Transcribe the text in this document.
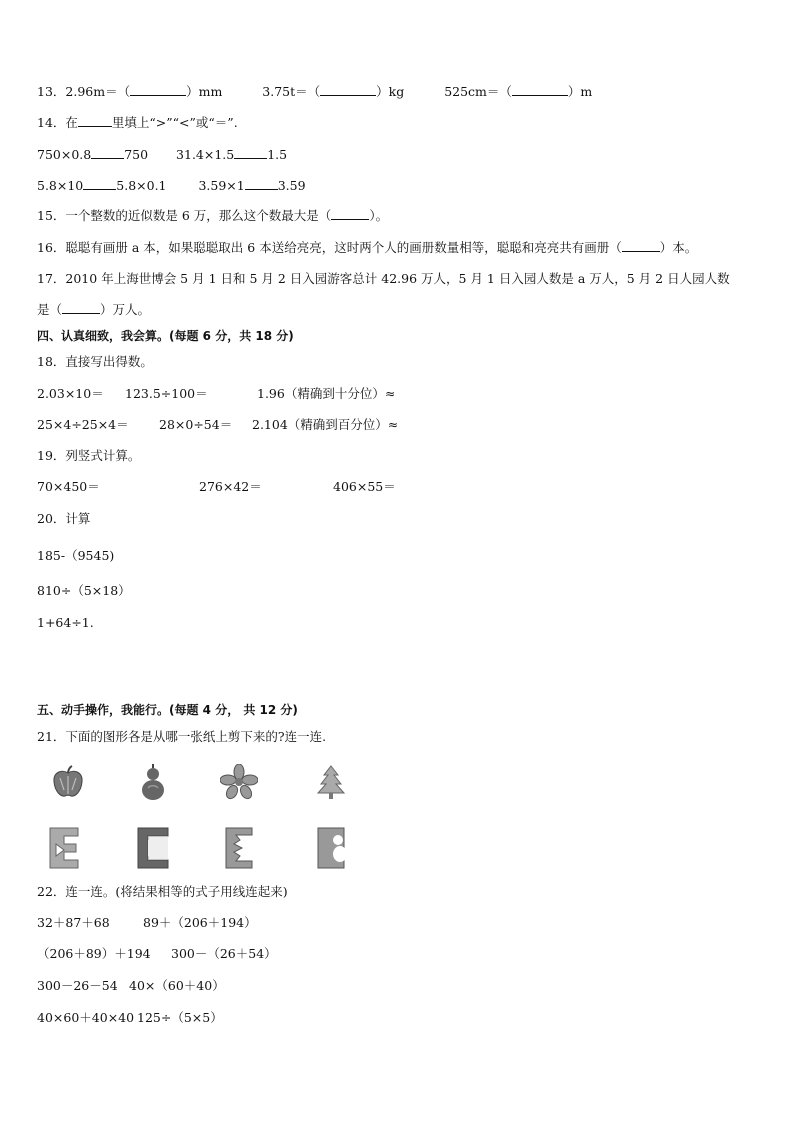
13．2.96m＝（	）mm	3.75t＝（	）kg	525cm＝（	）m
14．在	里填上“>”“<”或“＝”.
750×0.8	750 31.4×1.5	1.5
5.8×10	5.8×0.1	3.59×1	3.59
15．一个整数的近似数是 6 万，那么这个数最大是（	）。
16．聪聪有画册 a 本，如果聪聪取出 6 本送给亮亮，这时两个人的画册数量相等，聪聪和亮亮共有画册（	）本。
17．2010 年上海世博会 5 月 1 日和 5 月 2 日入园游客总计 42.96 万人，5 月 1 日入园人数是 a 万人，5 月 2 日人园人数
是（	）万人。
四、认真细致，我会算。(每题 6 分，共 18 分)
18．直接写出得数。
2.03×10＝ 123.5÷100＝	1.96（精确到十分位）≈
25×4÷25×4＝ 28×0÷54＝ 2.104（精确到百分位）≈
19．列竖式计算。
70×450＝	276×42＝	406×55＝
20．计算
185-（9545)
810÷（5×18）
1+64÷1.
五、动手操作，我能行。(每题 4 分， 共 12 分)
21．下面的图形各是从哪一张纸上剪下来的?连一连.
22．连一连。(将结果相等的式子用线连起来)
32＋87＋68	89＋（206＋194）
（206＋89）＋194 300－（26＋54）
300－26－54 40×（60＋40）
40×60＋40×40 125÷（5×5）
